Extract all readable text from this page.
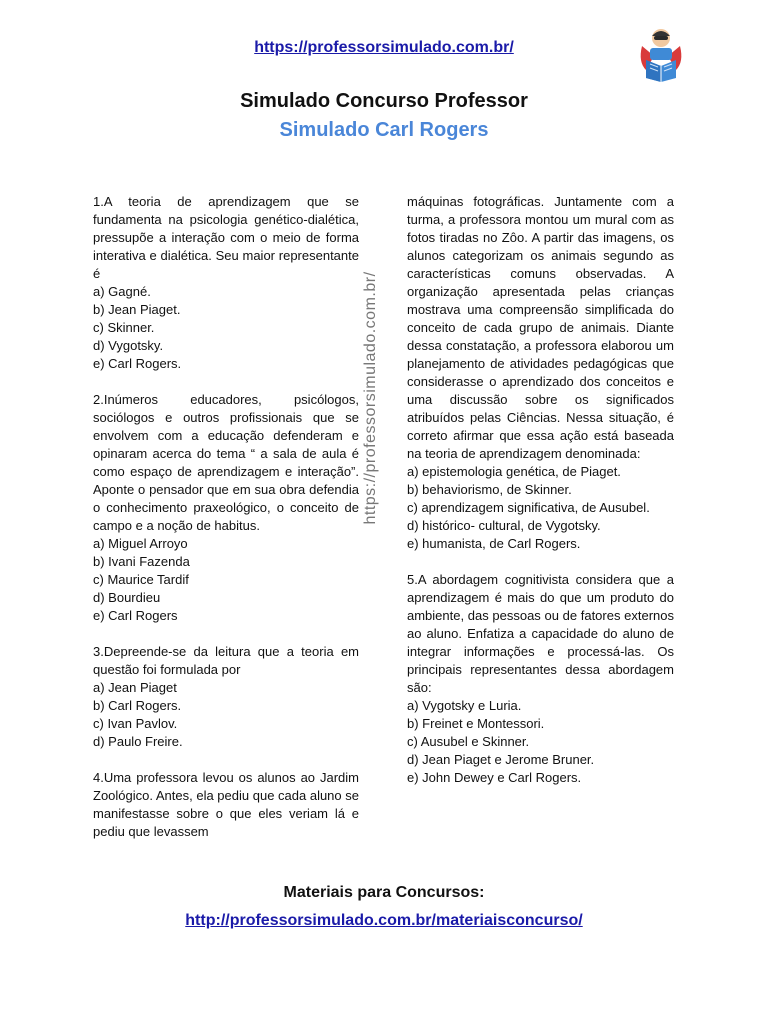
https://professorsimulado.com.br/
Simulado Concurso Professor
Simulado Carl Rogers
1.A teoria de aprendizagem que se fundamenta na psicologia genético-dialética, pressupõe a interação com o meio de forma interativa e dialética. Seu maior representante é
a) Gagné.
b) Jean Piaget.
c) Skinner.
d) Vygotsky.
e) Carl Rogers.
2.Inúmeros educadores, psicólogos, sociólogos e outros profissionais que se envolvem com a educação defenderam e opinaram acerca do tema “ a sala de aula é como espaço de aprendizagem e interação”. Aponte o pensador que em sua obra defendia o conhecimento praxeológico, o conceito de campo e a noção de habitus.
a) Miguel Arroyo
b) Ivani Fazenda
c) Maurice Tardif
d) Bourdieu
e) Carl Rogers
3.Depreende-se da leitura que a teoria em questão foi formulada por
a) Jean Piaget
b) Carl Rogers.
c) Ivan Pavlov.
d) Paulo Freire.
4.Uma professora levou os alunos ao Jardim Zoológico. Antes, ela pediu que cada aluno se manifestasse sobre o que eles veriam lá e pediu que levassem
https://professorsimulado.com.br/
máquinas fotográficas. Juntamente com a turma, a professora montou um mural com as fotos tiradas no Zôo. A partir das imagens, os alunos categorizam os animais segundo as características comuns observadas. A organização apresentada pelas crianças mostrava uma compreensão simplificada do conceito de cada grupo de animais. Diante dessa constatação, a professora elaborou um planejamento de atividades pedagógicas que considerasse o aprendizado dos conceitos e uma discussão sobre os significados atribuídos pelas Ciências. Nessa situação, é correto afirmar que essa ação está baseada na teoria de aprendizagem denominada:
a) epistemologia genética, de Piaget.
b) behaviorismo, de Skinner.
c) aprendizagem significativa, de Ausubel.
d) histórico- cultural, de Vygotsky.
e) humanista, de Carl Rogers.
5.A abordagem cognitivista considera que a aprendizagem é mais do que um produto do ambiente, das pessoas ou de fatores externos ao aluno. Enfatiza a capacidade do aluno de integrar informações e processá-las. Os principais representantes dessa abordagem são:
a) Vygotsky e Luria.
b) Freinet e Montessori.
c) Ausubel e Skinner.
d) Jean Piaget e Jerome Bruner.
e) John Dewey e Carl Rogers.
Materiais para Concursos:
http://professorsimulado.com.br/materiaisconcurso/
